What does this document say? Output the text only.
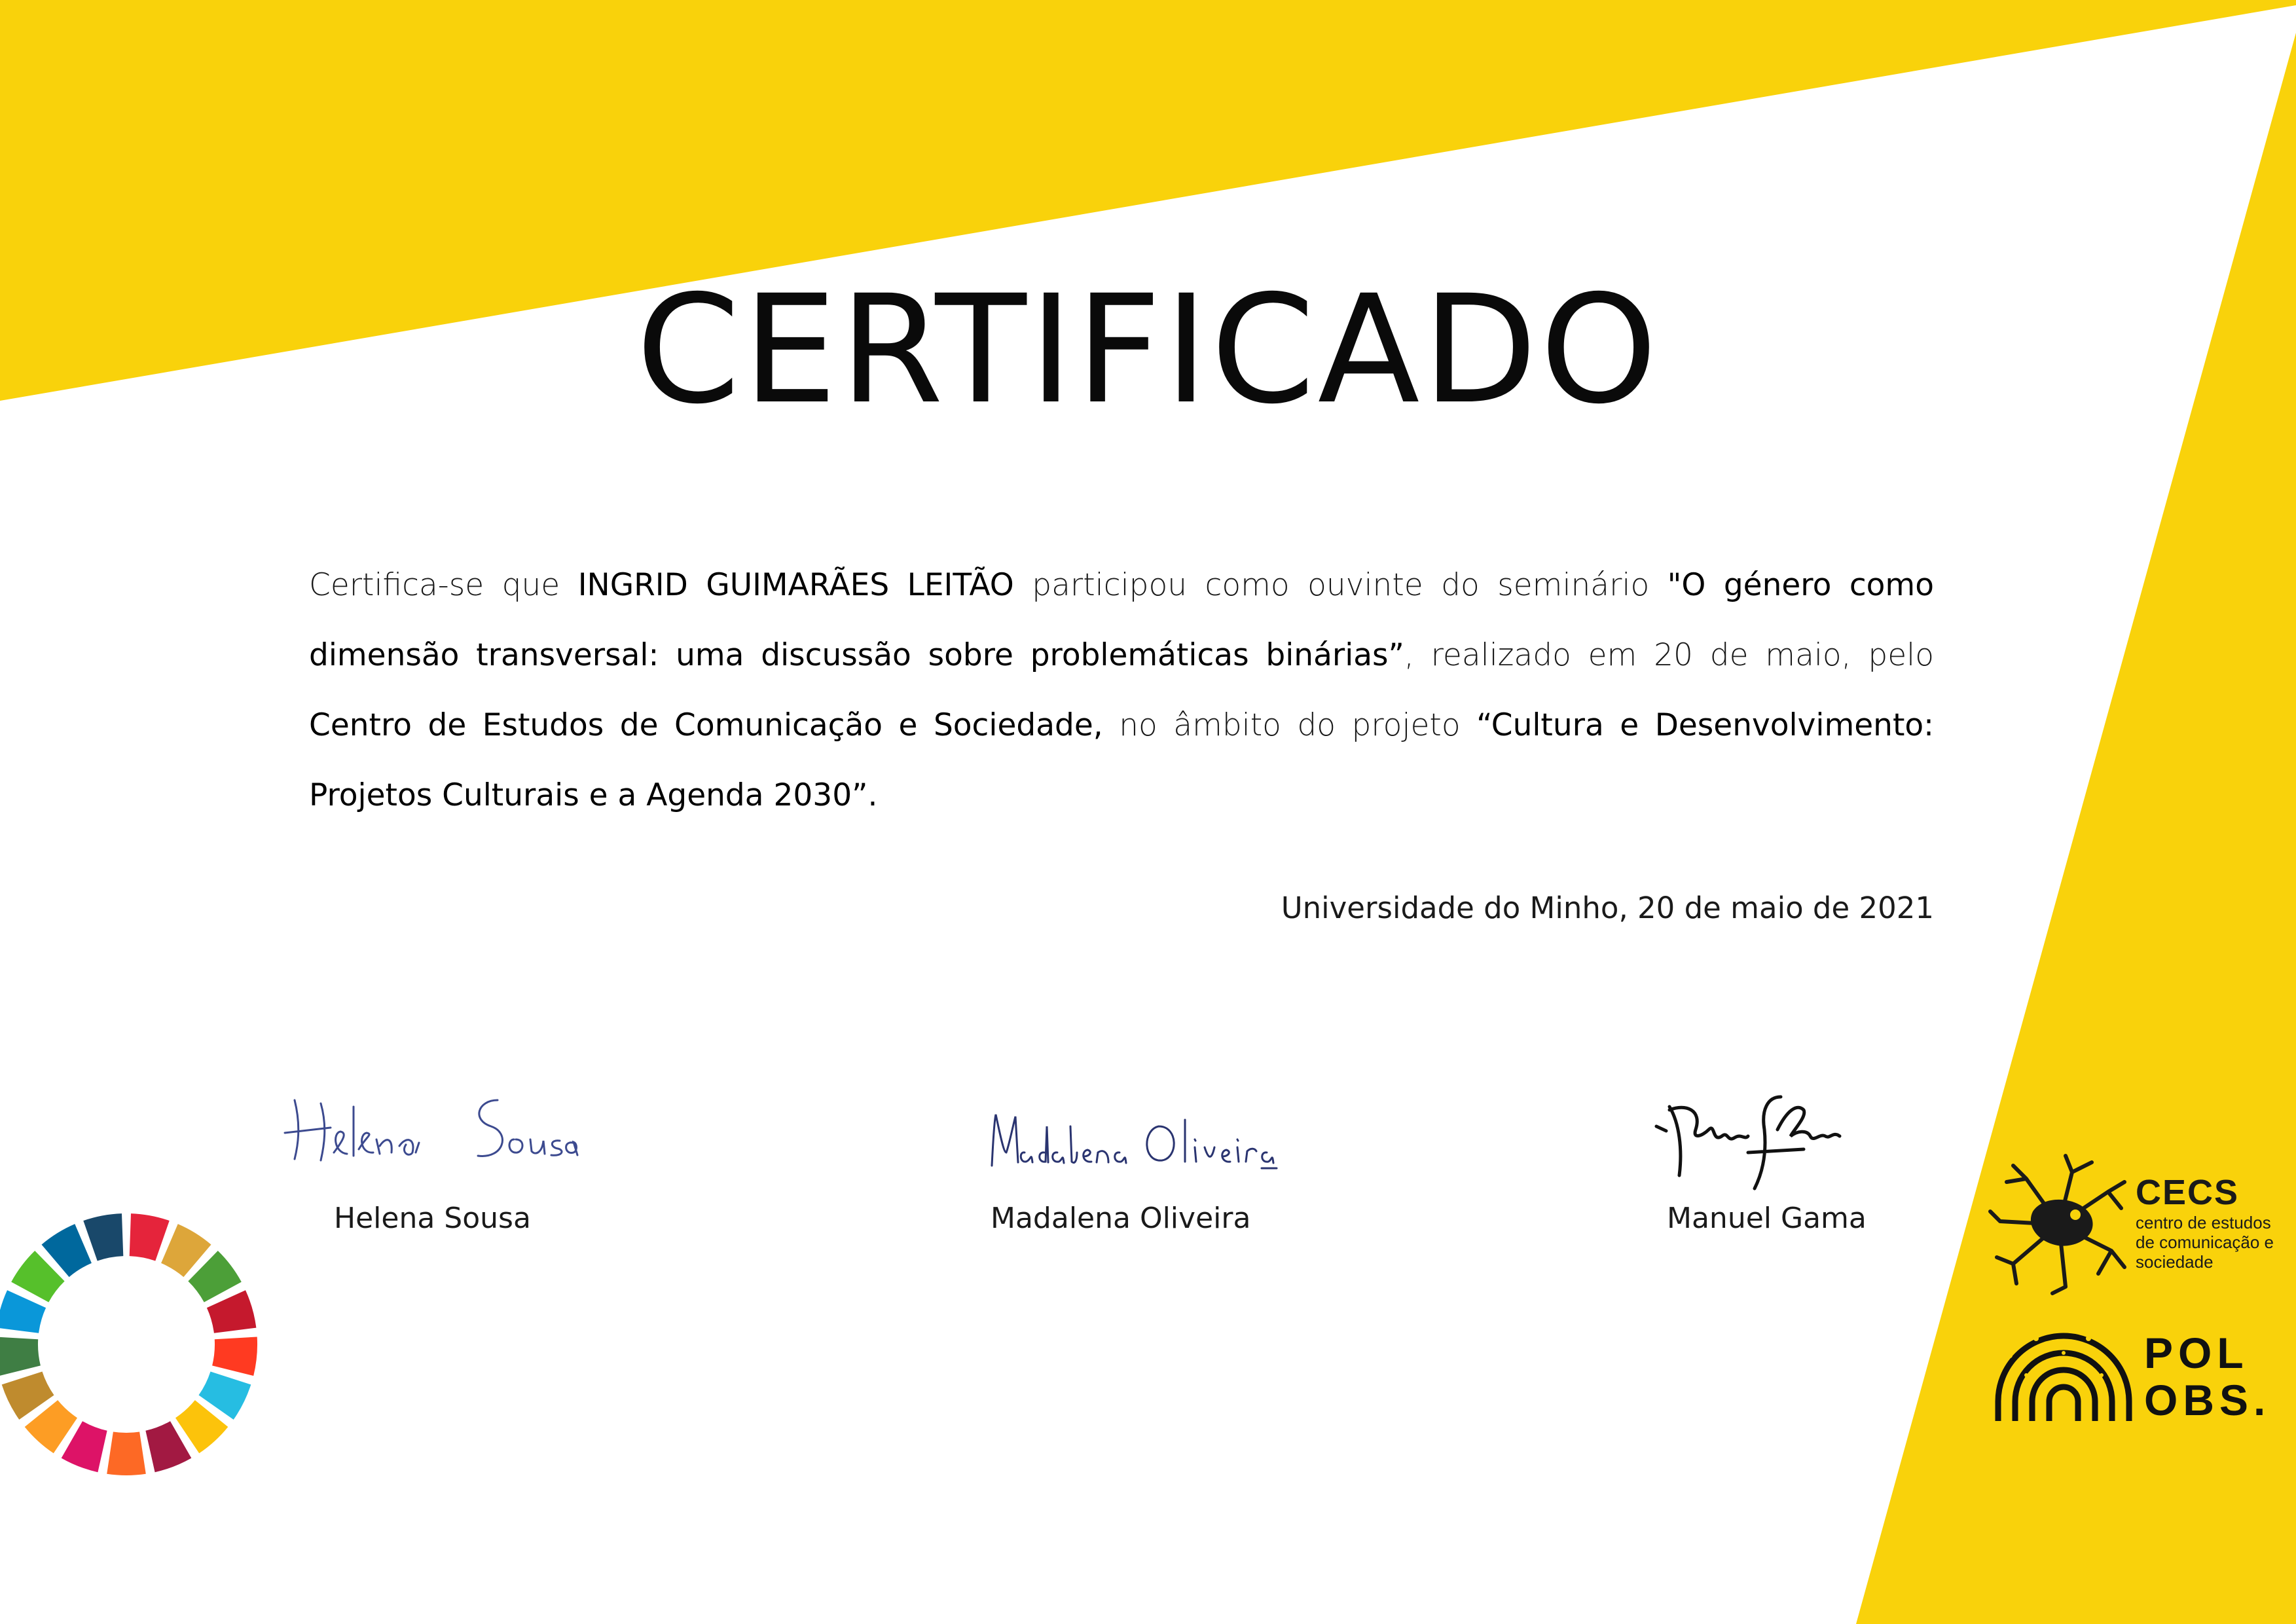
CERTIFICADO
Certifica-se que INGRID GUIMARÃES LEITÃO participou como ouvinte do seminário "O género como dimensão transversal: uma discussão sobre problemáticas binárias”, realizado em 20 de maio, pelo Centro de Estudos de Comunicação e Sociedade, no âmbito do projeto “Cultura e Desenvolvimento: Projetos Culturais e a Agenda 2030”.
Universidade do Minho, 20 de maio de 2021
Helena Sousa	Madalena Oliveira	Manuel Gama
CECS
centro de estudos de comunicação e sociedade
POL
OBS.
